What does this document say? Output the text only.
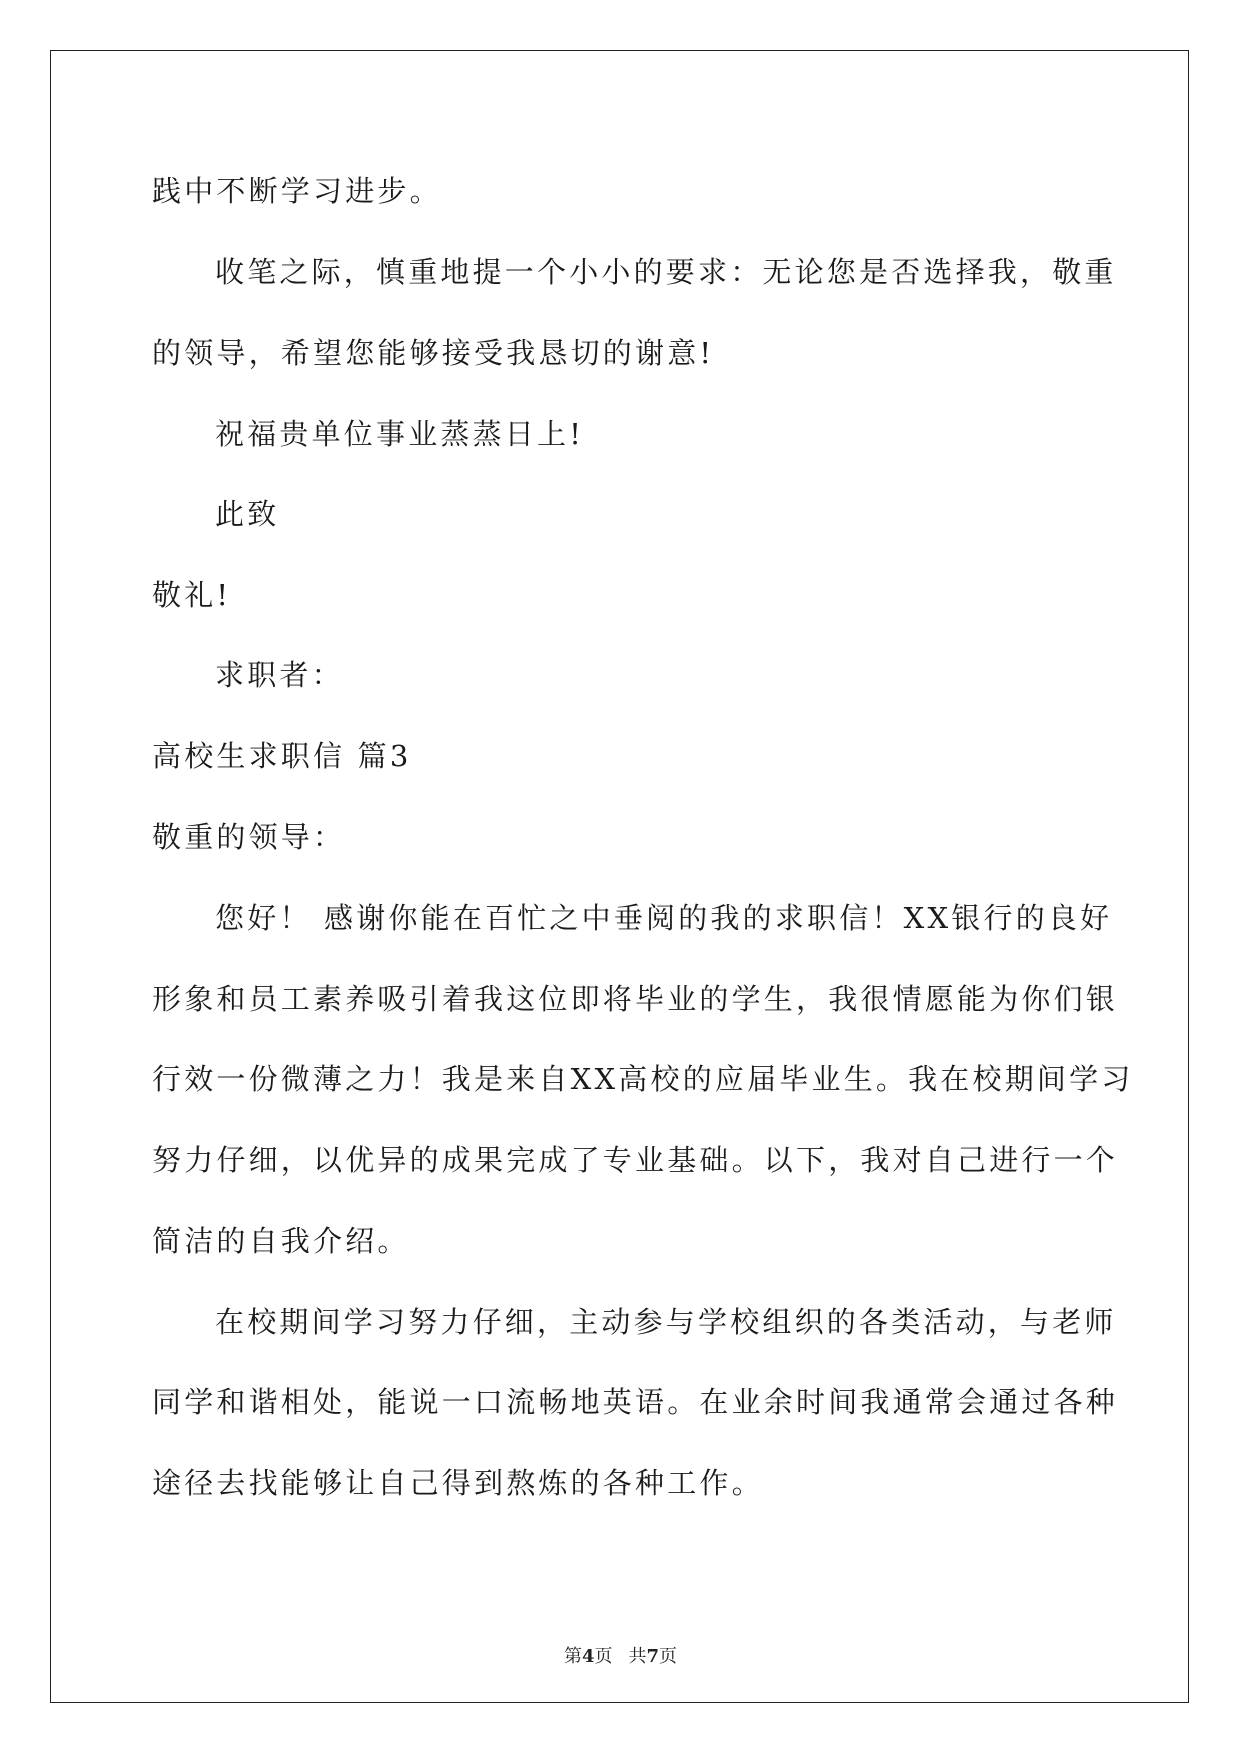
践中不断学习进步。
收笔之际，慎重地提一个小小的要求：无论您是否选择我，敬重
的领导，希望您能够接受我恳切的谢意!
祝福贵单位事业蒸蒸日上!
此致
敬礼!
求职者：
高校生求职信 篇3
敬重的领导：
您好！ 感谢你能在百忙之中垂阅的我的求职信！XX银行的良好
形象和员工素养吸引着我这位即将毕业的学生，我很情愿能为你们银
行效一份微薄之力！我是来自XX高校的应届毕业生。我在校期间学习
努力仔细，以优异的成果完成了专业基础。以下，我对自己进行一个
简洁的自我介绍。
在校期间学习努力仔细，主动参与学校组织的各类活动，与老师
同学和谐相处，能说一口流畅地英语。在业余时间我通常会通过各种
途径去找能够让自己得到熬炼的各种工作。
第4页 共7页
